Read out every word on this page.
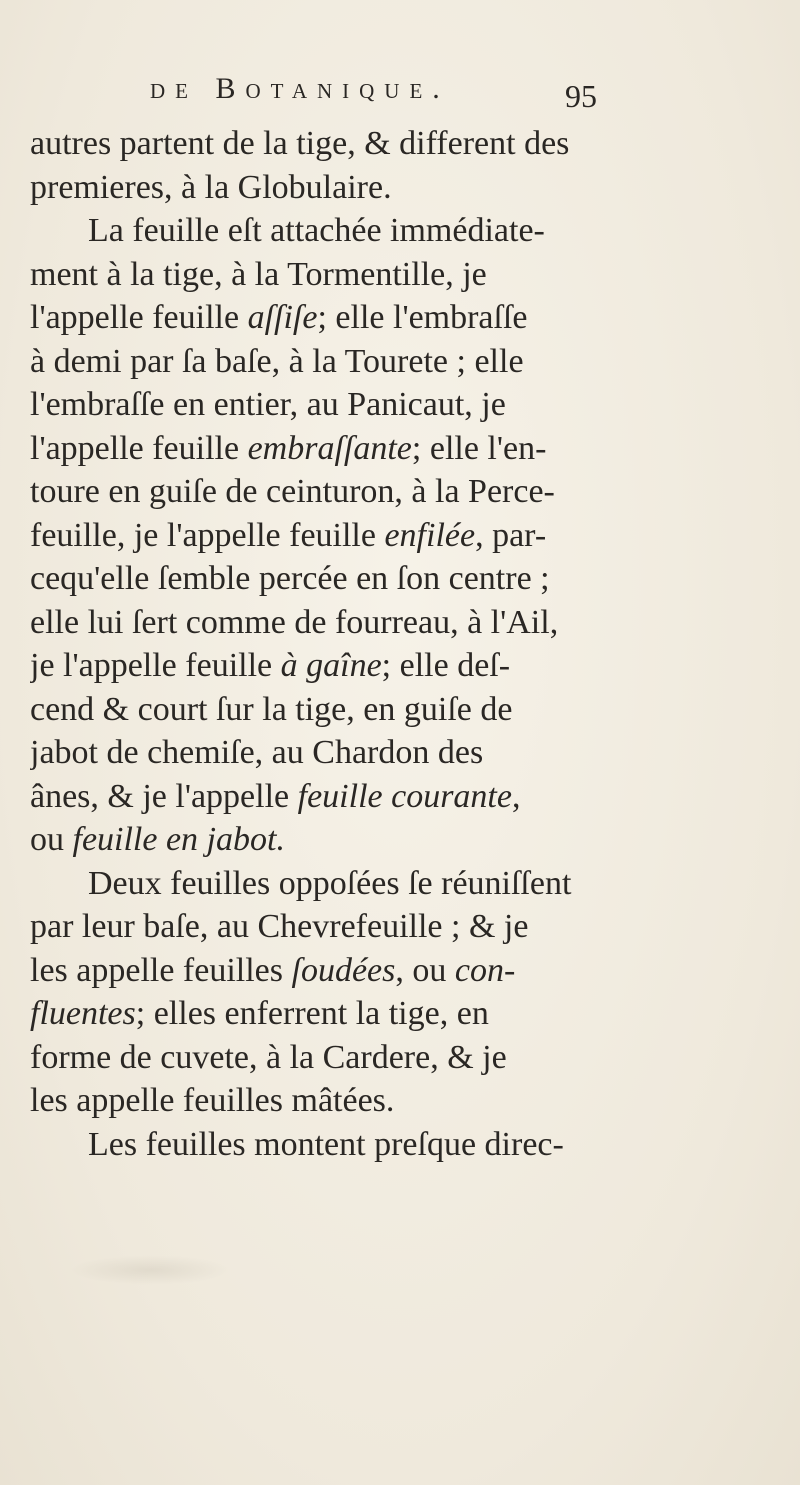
de Botanique.	95
autres partent de la tige, & different des
premieres, à la Globulaire.
La feuille eſt attachée immédiate-
ment à la tige, à la Tormentille, je
l'appelle feuille aſſiſe; elle l'embraſſe
à demi par ſa baſe, à la Tourete ; elle
l'embraſſe en entier, au Panicaut, je
l'appelle feuille embraſſante; elle l'en-
toure en guiſe de ceinturon, à la Perce-
feuille, je l'appelle feuille enfilée, par-
cequ'elle ſemble percée en ſon centre ;
elle lui ſert comme de fourreau, à l'Ail,
je l'appelle feuille à gaîne; elle deſ-
cend & court ſur la tige, en guiſe de
jabot de chemiſe, au Chardon des
ânes, & je l'appelle feuille courante,
ou feuille en jabot.
Deux feuilles oppoſées ſe réuniſſent
par leur baſe, au Chevrefeuille ; & je
les appelle feuilles ſoudées, ou con-
fluentes; elles enferrent la tige, en
forme de cuvete, à la Cardere, & je
les appelle feuilles mâtées.
Les feuilles montent preſque direc-
